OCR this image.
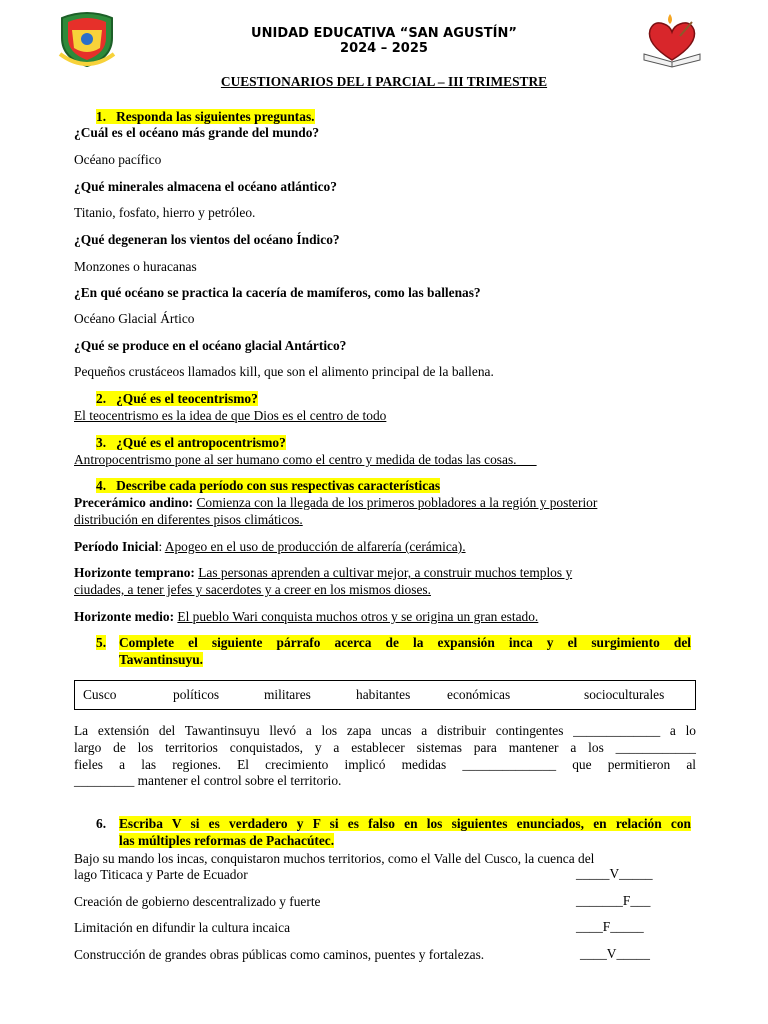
UNIDAD EDUCATIVA “SAN AGUSTÍN”
2024 – 2025
CUESTIONARIOS DEL I PARCIAL – III TRIMESTRE
1. Responda las siguientes preguntas.
¿Cuál es el océano más grande del mundo?
Océano pacífico
¿Qué minerales almacena el océano atlántico?
Titanio, fosfato, hierro y petróleo.
¿Qué degeneran los vientos del océano Índico?
Monzones o huracanas
¿En qué océano se practica la cacería de mamíferos, como las ballenas?
Océano Glacial Ártico
¿Qué se produce en el océano glacial Antártico?
Pequeños crustáceos llamados kill, que son el alimento principal de la ballena.
2. ¿Qué es el teocentrismo?
El teocentrismo es la idea de que Dios es el centro de todo
3. ¿Qué es el antropocentrismo?
Antropocentrismo pone al ser humano como el centro y medida de todas las cosas.
4. Describe cada período con sus respectivas características
Precerámico andino: Comienza con la llegada de los primeros pobladores a la región y posterior
distribución en diferentes pisos climáticos.
Período Inicial: Apogeo en el uso de producción de alfarería (cerámica).
Horizonte temprano: Las personas aprenden a cultivar mejor, a construir muchos templos y
ciudades, a tener jefes y sacerdotes y a creer en los mismos dioses.
Horizonte medio: El pueblo Wari conquista muchos otros y se origina un gran estado.
5. Complete el siguiente párrafo acerca de la expansión inca y el surgimiento del
Tawantinsuyu.
Cusco	políticos	militares	habitantes	económicas	socioculturales
La extensión del Tawantinsuyu llevó a los zapa uncas a distribuir contingentes _____________ a lo
largo de los territorios conquistados, y a establecer sistemas para mantener a los ____________
fieles a las regiones. El crecimiento implicó medidas ______________ que permitieron al
_________ mantener el control sobre el territorio.
6. Escriba V si es verdadero y F si es falso en los siguientes enunciados, en relación con
las múltiples reformas de Pachacútec.
Bajo su mando los incas, conquistaron muchos territorios, como el Valle del Cusco, la cuenca del
lago Titicaca y Parte de Ecuador	_____V_____
Creación de gobierno descentralizado y fuerte	_______F___
Limitación en difundir la cultura incaica	____F_____
Construcción de grandes obras públicas como caminos, puentes y fortalezas.	____V_____
